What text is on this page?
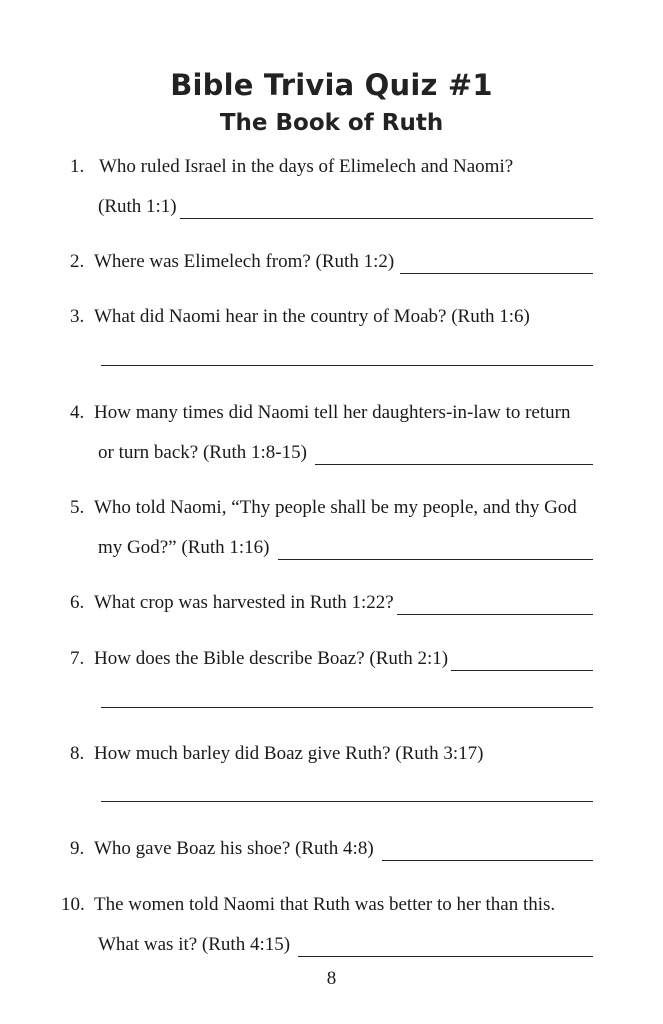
Bible Trivia Quiz #1
The Book of Ruth
1. Who ruled Israel in the days of Elimelech and Naomi?
(Ruth 1:1)
2. Where was Elimelech from? (Ruth 1:2)
3. What did Naomi hear in the country of Moab? (Ruth 1:6)
4. How many times did Naomi tell her daughters-in-law to return
or turn back? (Ruth 1:8-15)
5. Who told Naomi, “Thy people shall be my people, and thy God
my God?” (Ruth 1:16)
6. What crop was harvested in Ruth 1:22?
7. How does the Bible describe Boaz? (Ruth 2:1)
8. How much barley did Boaz give Ruth? (Ruth 3:17)
9. Who gave Boaz his shoe? (Ruth 4:8)
10. The women told Naomi that Ruth was better to her than this.
What was it? (Ruth 4:15)
8
